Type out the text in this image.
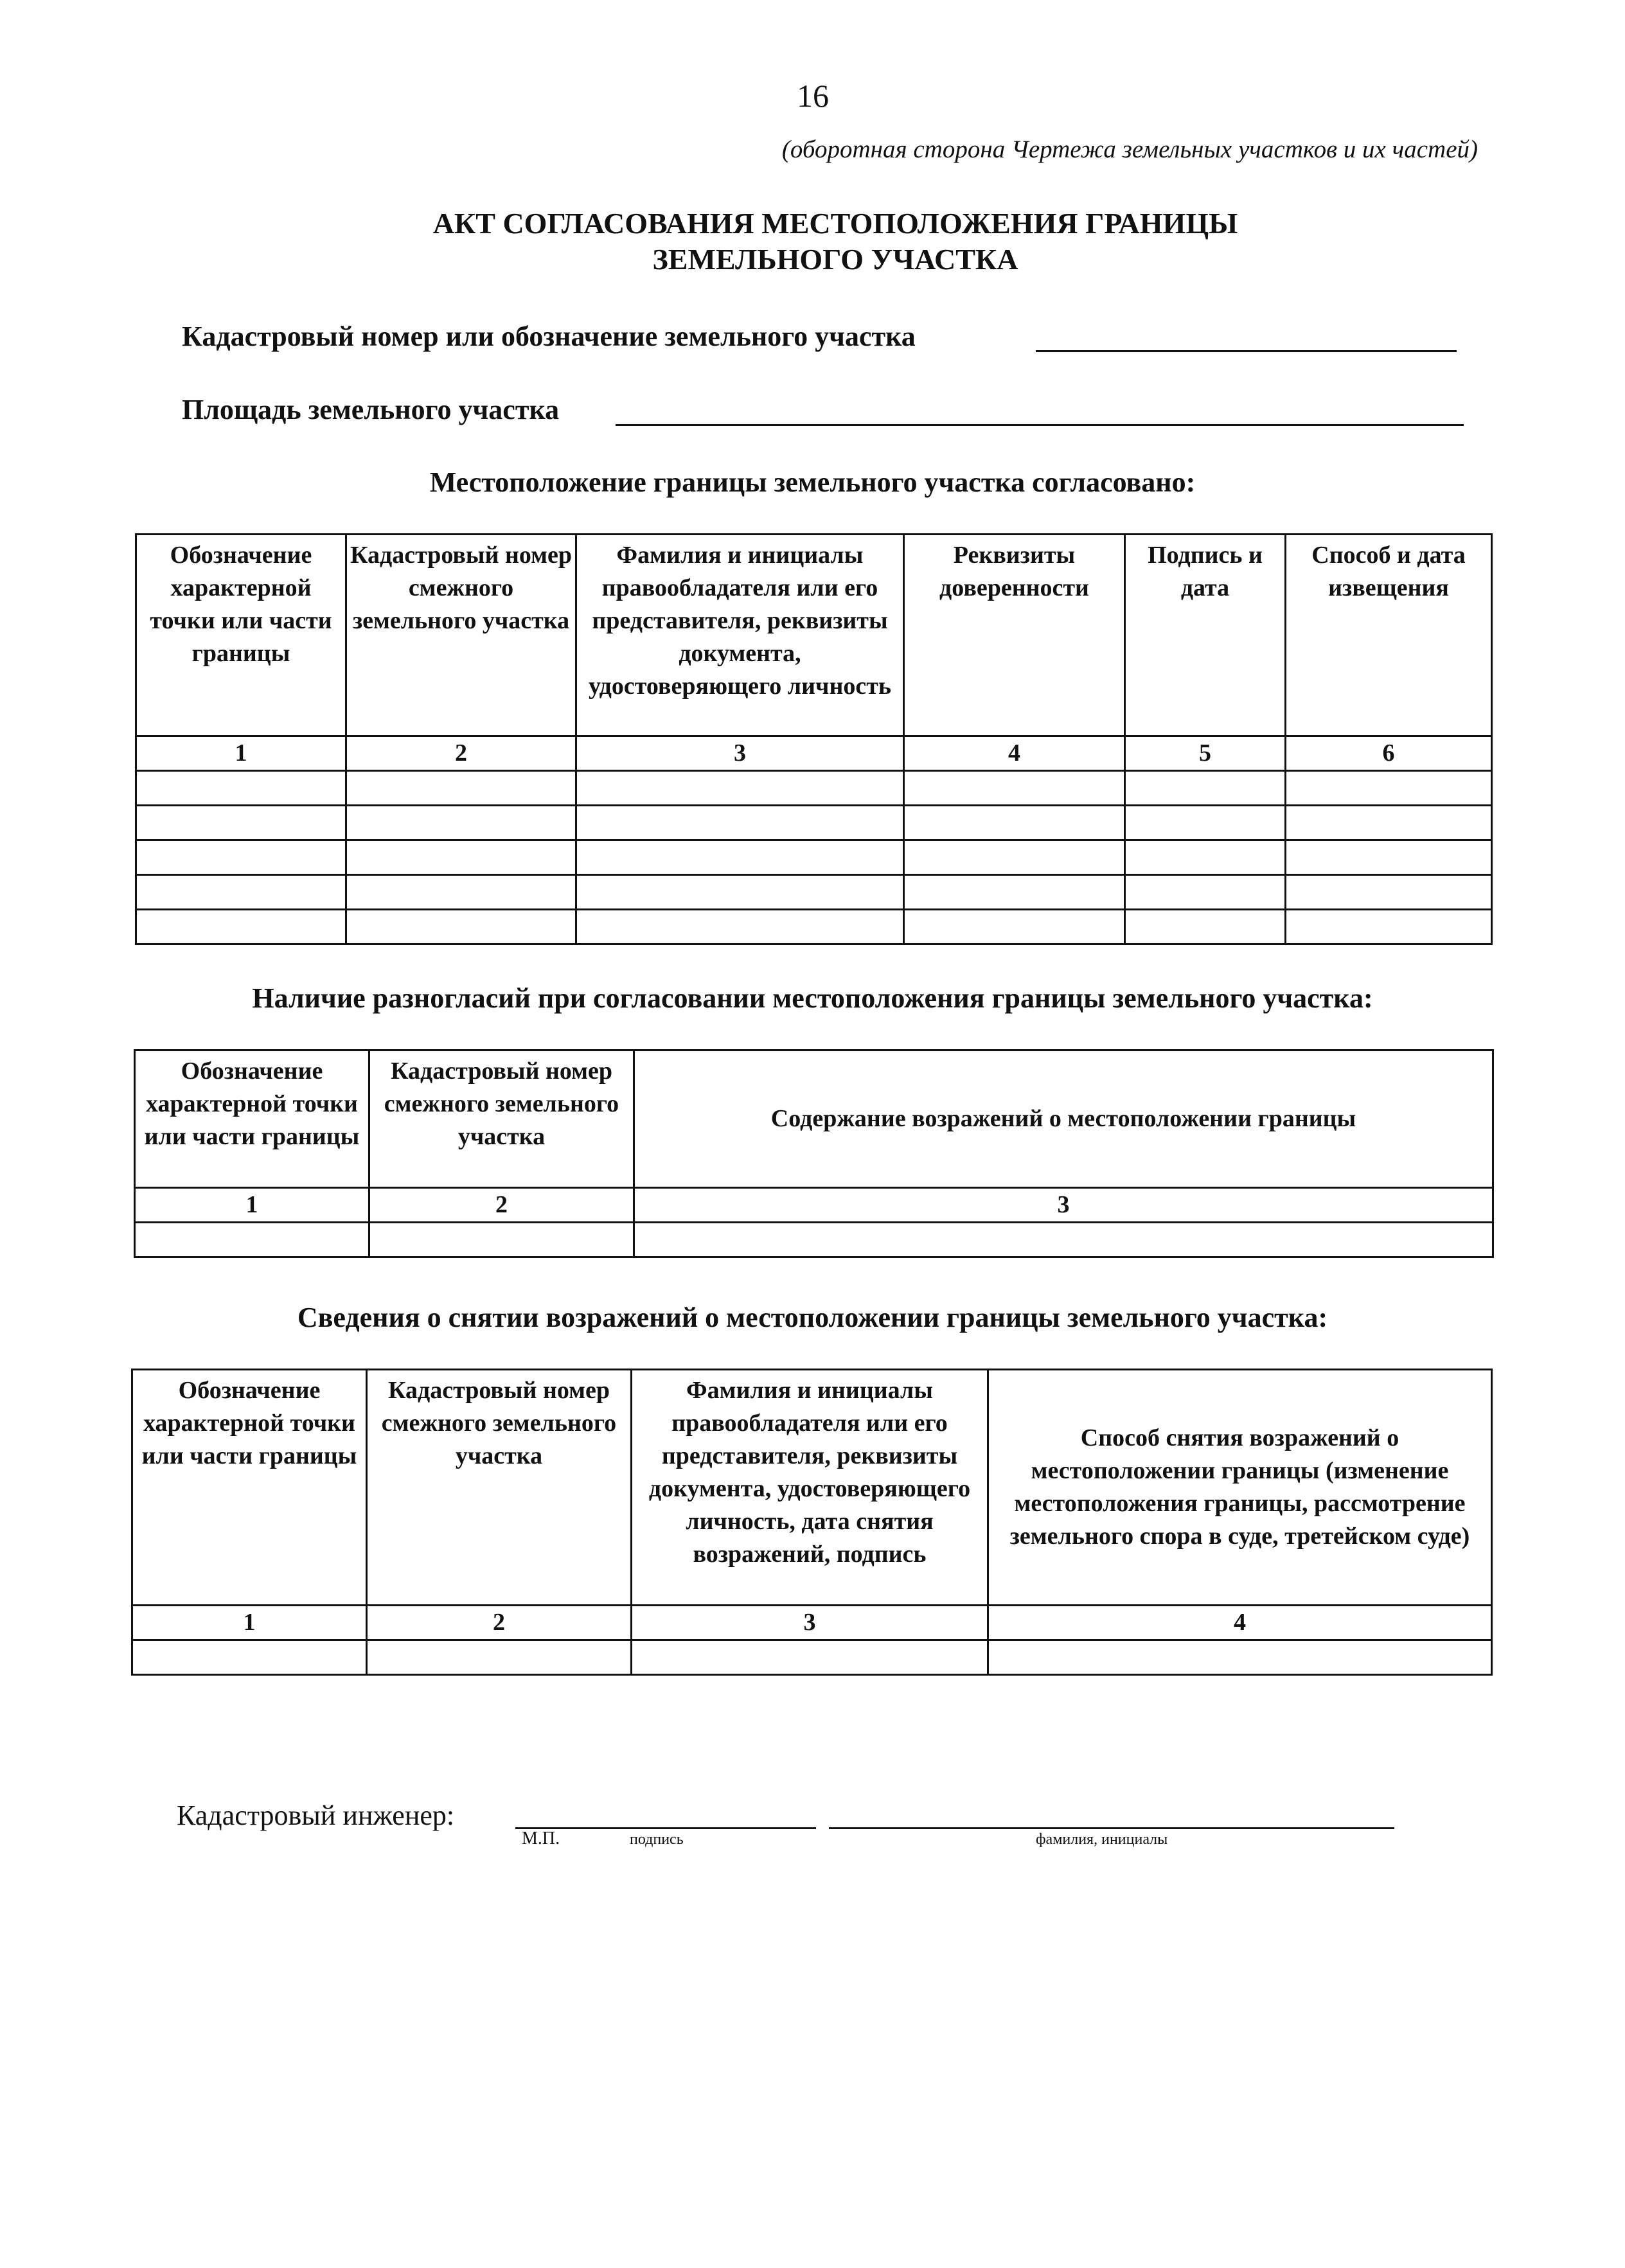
16
(оборотная сторона Чертежа земельных участков и их частей)
АКТ СОГЛАСОВАНИЯ МЕСТОПОЛОЖЕНИЯ ГРАНИЦЫ
ЗЕМЕЛЬНОГО УЧАСТКА
Кадастровый номер или обозначение земельного участка
Площадь земельного участка
Местоположение границы земельного участка согласовано:
Обозначение характерной точки или части границы	Кадастровый номер смежного земельного участка	Фамилия и инициалы правообладателя или его представителя, реквизиты документа, удостоверяющего личность	Реквизиты доверенности	Подпись и дата	Способ и дата извещения
1	2	3	4	5	6

Наличие разногласий при согласовании местоположения границы земельного участка:
Обозначение характерной точки или части границы	Кадастровый номер смежного земельного участка	Содержание возражений о местоположении границы
1	2	3

Сведения о снятии возражений о местоположении границы земельного участка:
Обозначение характерной точки или части границы	Кадастровый номер смежного земельного участка	Фамилия и инициалы правообладателя или его представителя, реквизиты документа, удостоверяющего личность, дата снятия возражений, подпись	Способ снятия возражений о местоположении границы (изменение местоположения границы, рассмотрение земельного спора в суде, третейском суде)
1	2	3	4

Кадастровый инженер:
М.П.	подпись	фамилия, инициалы
